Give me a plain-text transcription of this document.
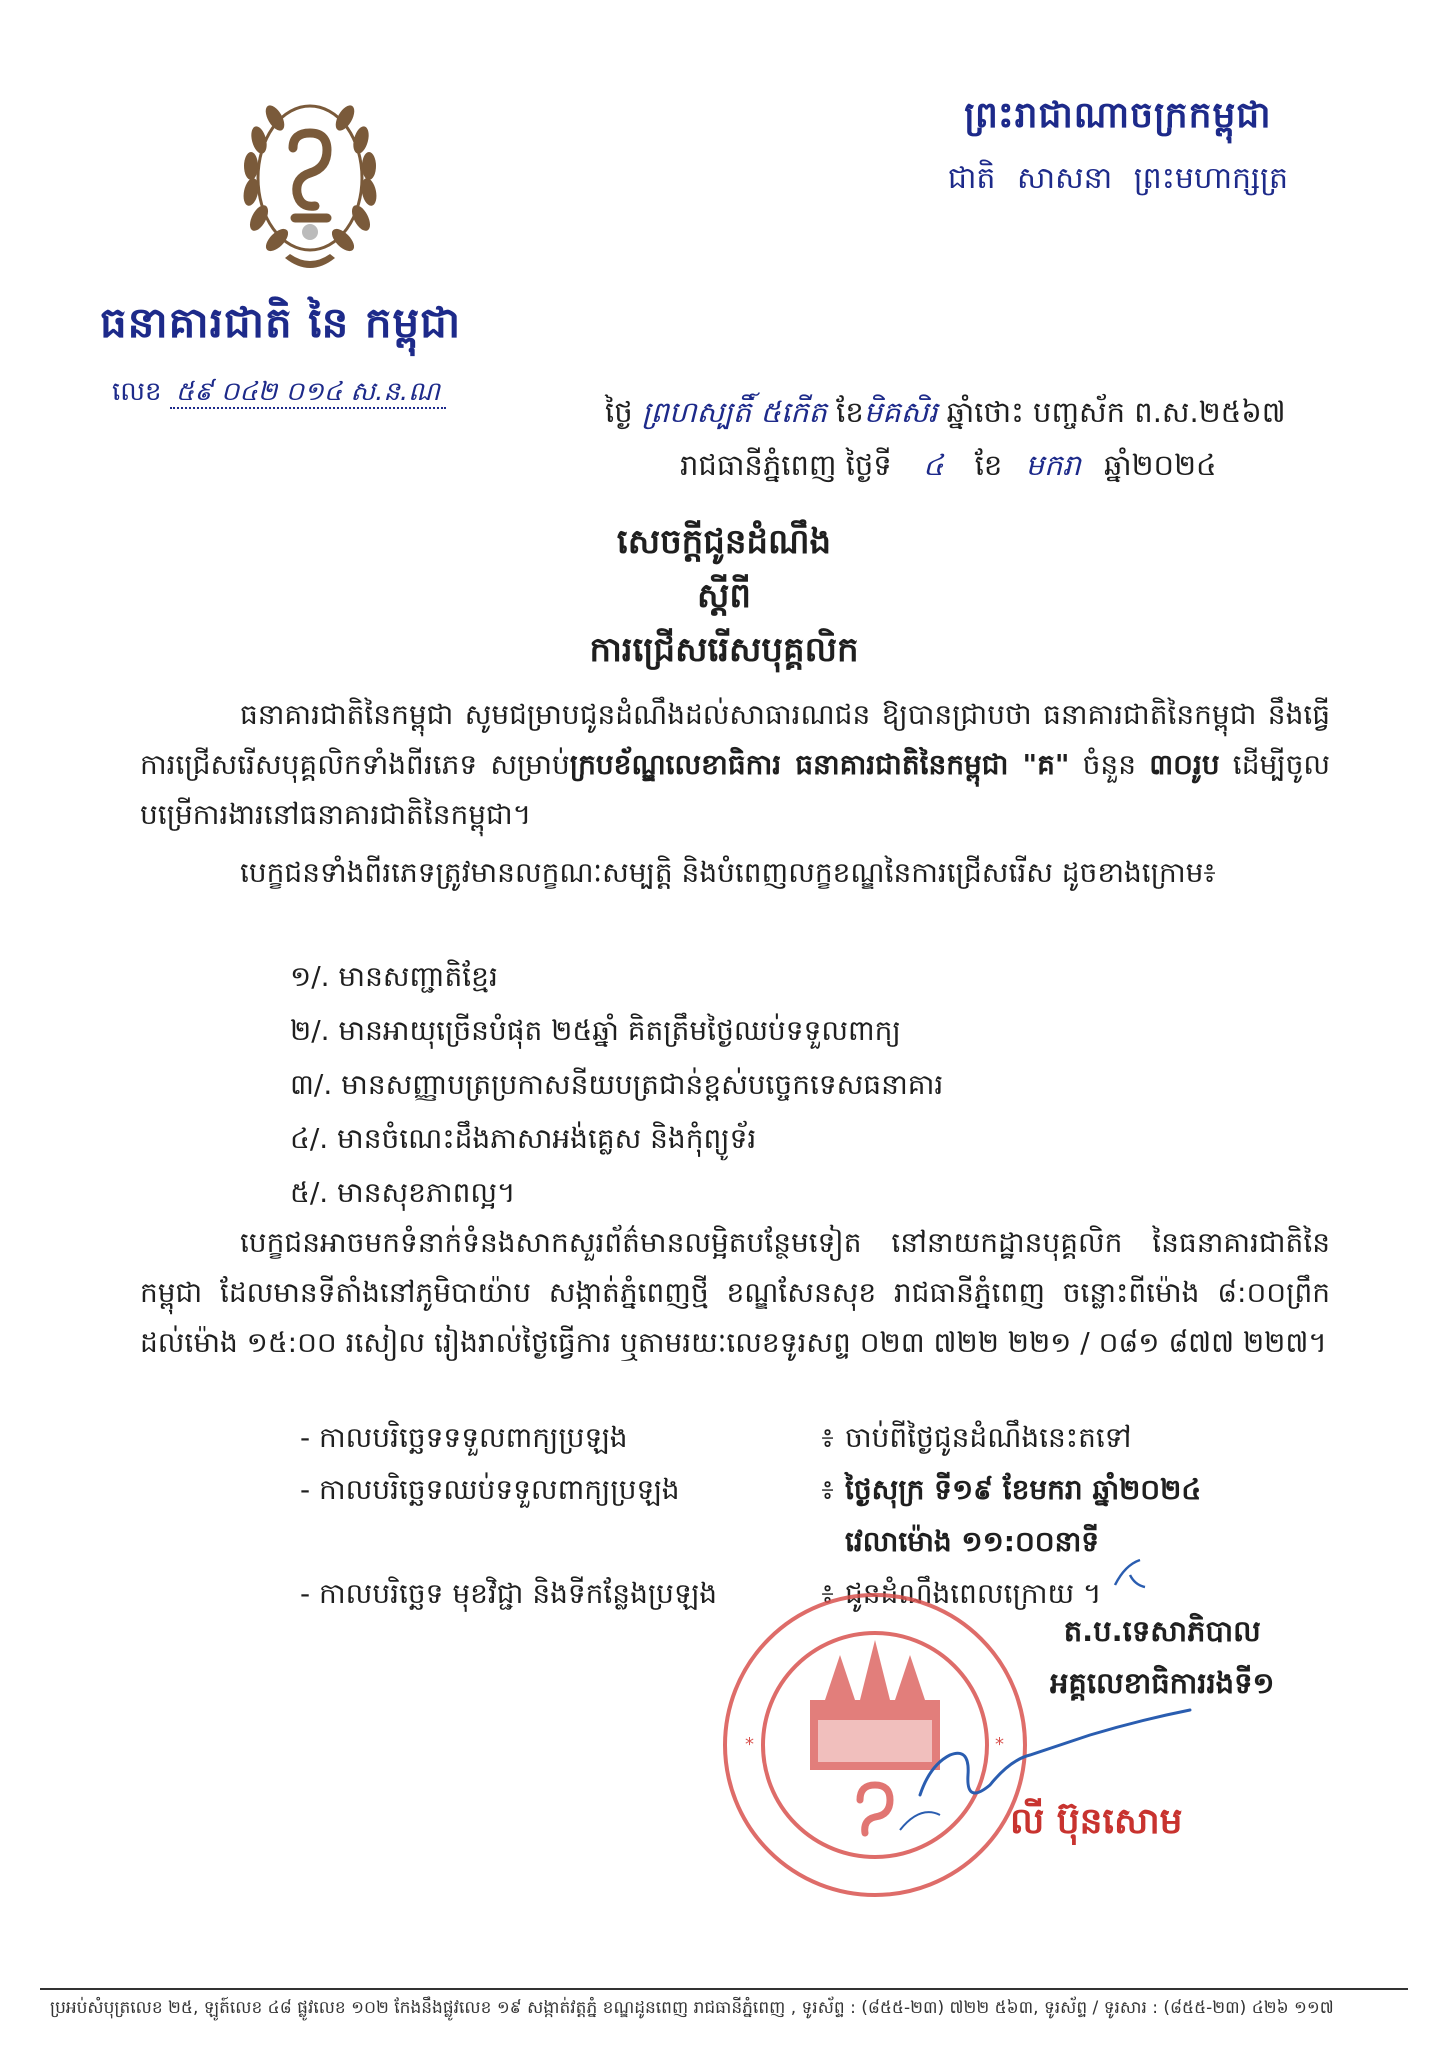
ព្រះរាជាណាចក្រកម្ពុជា
ជាតិ សាសនា ព្រះមហាក្សត្រ
ធនាគារជាតិ នៃ កម្ពុជា
លេខ ៥៩ ០៤២ ០១៤ ស.ន.ណ
ថ្ងៃ ព្រហស្បតិ៍ ៥កើត ខែមិគសិរ ឆ្នាំថោះ បញ្ចស័ក ព.ស.២៥៦៧
រាជធានីភ្នំពេញ ថ្ងៃទី ៤ ខែ មករា ឆ្នាំ២០២៤
សេចក្តីជូនដំណឹង
ស្តីពី
ការជ្រើសរើសបុគ្គលិក
ធនាគារជាតិនៃកម្ពុជា សូមជម្រាបជូនដំណឹងដល់សាធារណជន ឱ្យបានជ្រាបថា ធនាគារជាតិនៃកម្ពុជា នឹងធ្វើការជ្រើសរើសបុគ្គលិកទាំងពីរភេទ សម្រាប់ក្របខ័ណ្ឌលេខាធិការ ធនាគារជាតិនៃកម្ពុជា "គ" ចំនួន ៣០រូប ដើម្បីចូលបម្រើការងារនៅធនាគារជាតិនៃកម្ពុជា។
បេក្ខជនទាំងពីរភេទត្រូវមានលក្ខណៈសម្បត្តិ និងបំពេញលក្ខខណ្ឌនៃការជ្រើសរើស ដូចខាងក្រោម៖
១/. មានសញ្ជាតិខ្មែរ
២/. មានអាយុច្រើនបំផុត ២៥ឆ្នាំ គិតត្រឹមថ្ងៃឈប់ទទួលពាក្យ
៣/. មានសញ្ញាបត្រប្រកាសនីយបត្រជាន់ខ្ពស់បច្ចេកទេសធនាគារ
៤/. មានចំណេះដឹងភាសាអង់គ្លេស និងកុំព្យូទ័រ
៥/. មានសុខភាពល្អ។
បេក្ខជនអាចមកទំនាក់ទំនងសាកសួរព័ត៌មានលម្អិតបន្ថែមទៀត នៅនាយកដ្ឋានបុគ្គលិក នៃធនាគារជាតិនៃកម្ពុជា ដែលមានទីតាំងនៅភូមិបាយ៉ាប សង្កាត់ភ្នំពេញថ្មី ខណ្ឌសែនសុខ រាជធានីភ្នំពេញ ចន្លោះពីម៉ោង ៨:០០ព្រឹក ដល់ម៉ោង ១៥:០០ រសៀល រៀងរាល់ថ្ងៃធ្វើការ ឬតាមរយៈលេខទូរសព្ទ ០២៣ ៧២២ ២២១ / ០៨១ ៨៧៧ ២២៧។
- កាលបរិច្ឆេទទទួលពាក្យប្រឡង	៖ ចាប់ពីថ្ងៃជូនដំណឹងនេះតទៅ
- កាលបរិច្ឆេទឈប់ទទួលពាក្យប្រឡង	៖ ថ្ងៃសុក្រ ទី១៩ ខែមករា ឆ្នាំ២០២៤
វេលាម៉ោង ១១:០០នាទី
- កាលបរិច្ឆេទ មុខវិជ្ជា និងទីកន្លែងប្រឡង	៖ ជូនដំណឹងពេលក្រោយ ។
*	*
ត.ប.ទេសាភិបាល
អគ្គលេខាធិការរងទី១
លី ប៊ុនសោម
ប្រអប់សំបុត្រលេខ ២៥, ឡូត៍លេខ ៤៨ ផ្លូវលេខ ១០២ កែងនឹងផ្លូវលេខ ១៩ សង្កាត់វត្តភ្នំ ខណ្ឌដូនពេញ រាជធានីភ្នំពេញ , ទូរស័ព្ទ : (៨៥៥-២៣) ៧២២ ៥៦៣, ទូរស័ព្ទ / ទូរសារ : (៨៥៥-២៣) ៤២៦ ១១៧
